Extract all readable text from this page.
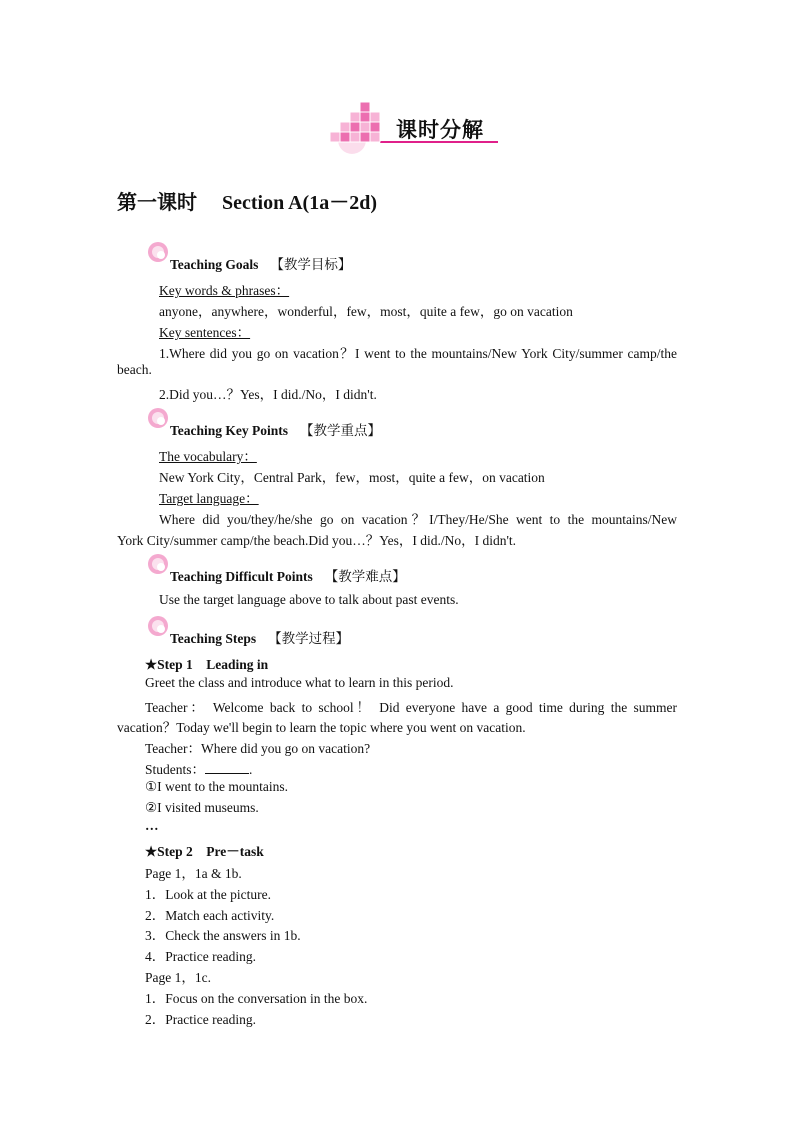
课时分解
第一课时　 Section A(1a－2d)
Teaching Goals 【教学目标】
Key words & phrases：
anyone，anywhere，wonderful，few，most，quite a few，go on vacation
Key sentences：
1.Where did you go on vacation？I went to the mountains/New York City/summer camp/the
beach.
2.Did you…？Yes，I did./No，I didn't.
Teaching Key Points 【教学重点】
The vocabulary：
New York City，Central Park，few，most，quite a few，on vacation
Target language：
Where did you/they/he/she go on vacation？I/They/He/She went to the mountains/New
York City/summer camp/the beach.Did you…？Yes，I did./No，I didn't.
Teaching Difficult Points 【教学难点】
Use the target language above to talk about past events.
Teaching Steps 【教学过程】
★Step 1　Leading in
Greet the class and introduce what to learn in this period.
Teacher： Welcome back to school！ Did everyone have a good time during the summer
vacation？Today we'll begin to learn the topic where you went on vacation.
Teacher：Where did you go on vacation?
Students：	.
①I went to the mountains.
②I visited museums.
…
★Step 2　Pre－task
Page 1，1a & 1b.
1．Look at the picture.
2．Match each activity.
3．Check the answers in 1b.
4．Practice reading.
Page 1，1c.
1．Focus on the conversation in the box.
2．Practice reading.
